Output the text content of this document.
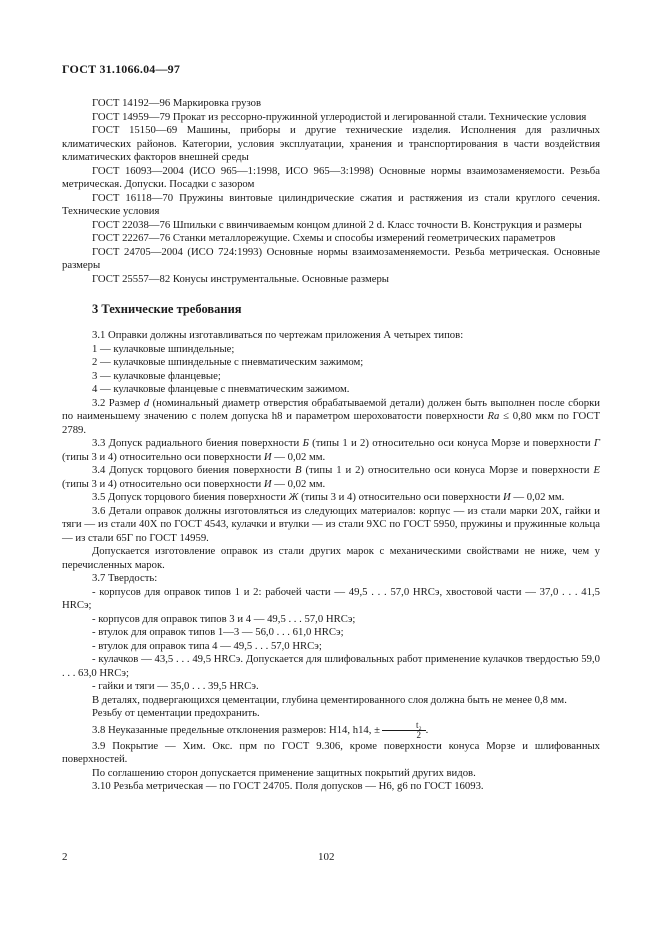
ГОСТ 31.1066.04—97

ГОСТ 14192—96 Маркировка грузов

ГОСТ 14959—79 Прокат из рессорно-пружинной углеродистой и легированной стали. Технические условия

ГОСТ 15150—69 Машины, приборы и другие технические изделия. Исполнения для различных климатических районов. Категории, условия эксплуатации, хранения и транспортирования в части воздействия климатических факторов внешней среды

ГОСТ 16093—2004 (ИСО 965—1:1998, ИСО 965—3:1998) Основные нормы взаимозаменяемости. Резьба метрическая. Допуски. Посадки с зазором

ГОСТ 16118—70 Пружины винтовые цилиндрические сжатия и растяжения из стали круглого сечения. Технические условия

ГОСТ 22038—76 Шпильки с ввинчиваемым концом длиной 2 d. Класс точности В. Конструкция и размеры

ГОСТ 22267—76 Станки металлорежущие. Схемы и способы измерений геометрических параметров

ГОСТ 24705—2004 (ИСО 724:1993) Основные нормы взаимозаменяемости. Резьба метрическая. Основные размеры

ГОСТ 25557—82 Конусы инструментальные. Основные размеры

3 Технические требования

3.1 Оправки должны изготавливаться по чертежам приложения А четырех типов:

1 — кулачковые шпиндельные;

2 — кулачковые шпиндельные с пневматическим зажимом;

3 — кулачковые фланцевые;

4 — кулачковые фланцевые с пневматическим зажимом.

3.2 Размер d (номинальный диаметр отверстия обрабатываемой детали) должен быть выполнен после сборки по наименьшему значению с полем допуска h8 и параметром шероховатости поверхности Ra ≤ 0,80 мкм по ГОСТ 2789.

3.3 Допуск радиального биения поверхности Б (типы 1 и 2) относительно оси конуса Морзе и поверхности Г (типы 3 и 4) относительно оси поверхности И — 0,02 мм.

3.4 Допуск торцового биения поверхности В (типы 1 и 2) относительно оси конуса Морзе и поверхности Е (типы 3 и 4) относительно оси поверхности И — 0,02 мм.

3.5 Допуск торцового биения поверхности Ж (типы 3 и 4) относительно оси поверхности И — 0,02 мм.

3.6 Детали оправок должны изготовляться из следующих материалов: корпус — из стали марки 20Х, гайки и тяги — из стали 40Х по ГОСТ 4543, кулачки и втулки — из стали 9ХС по ГОСТ 5950, пружины и пружинные кольца — из стали 65Г по ГОСТ 14959.

Допускается изготовление оправок из стали других марок с механическими свойствами не ниже, чем у перечисленных марок.

3.7 Твердость:

- корпусов для оправок типов 1 и 2: рабочей части — 49,5 . . . 57,0 HRCэ, хвостовой части — 37,0 . . . 41,5 HRCэ;

- корпусов для оправок типов 3 и 4 — 49,5 . . . 57,0 HRCэ;

- втулок для оправок типов 1—3 — 56,0 . . . 61,0 HRCэ;

- втулок для оправок типа 4 — 49,5 . . . 57,0 HRCэ;

- кулачков — 43,5 . . . 49,5 HRCэ. Допускается для шлифовальных работ применение кулачков твердостью 59,0 . . . 63,0 HRCэ;

- гайки и тяги — 35,0 . . . 39,5 HRCэ.

В деталях, подвергающихся цементации, глубина цементированного слоя должна быть не менее 0,8 мм.

Резьбу от цементации предохранить.

3.8 Неуказанные предельные отклонения размеров: H14, h14, ± $\frac{\text{t₂}}{2}$ .

3.9 Покрытие — Хим. Окс. прм по ГОСТ 9.306, кроме поверхности конуса Морзе и шлифованных поверхностей.

По соглашению сторон допускается применение защитных покрытий других видов.

3.10 Резьба метрическая — по ГОСТ 24705. Поля допусков — H6, g6 по ГОСТ 16093.

2	102
